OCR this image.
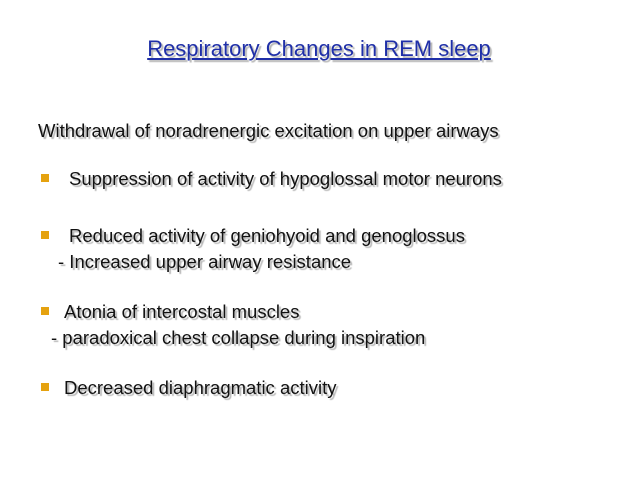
Respiratory Changes in REM sleep
Withdrawal of noradrenergic excitation on upper airways
Suppression of activity of hypoglossal motor neurons
Reduced activity of geniohyoid and genoglossus
- Increased upper airway resistance
Atonia of intercostal muscles
- paradoxical chest collapse during inspiration
Decreased diaphragmatic activity
